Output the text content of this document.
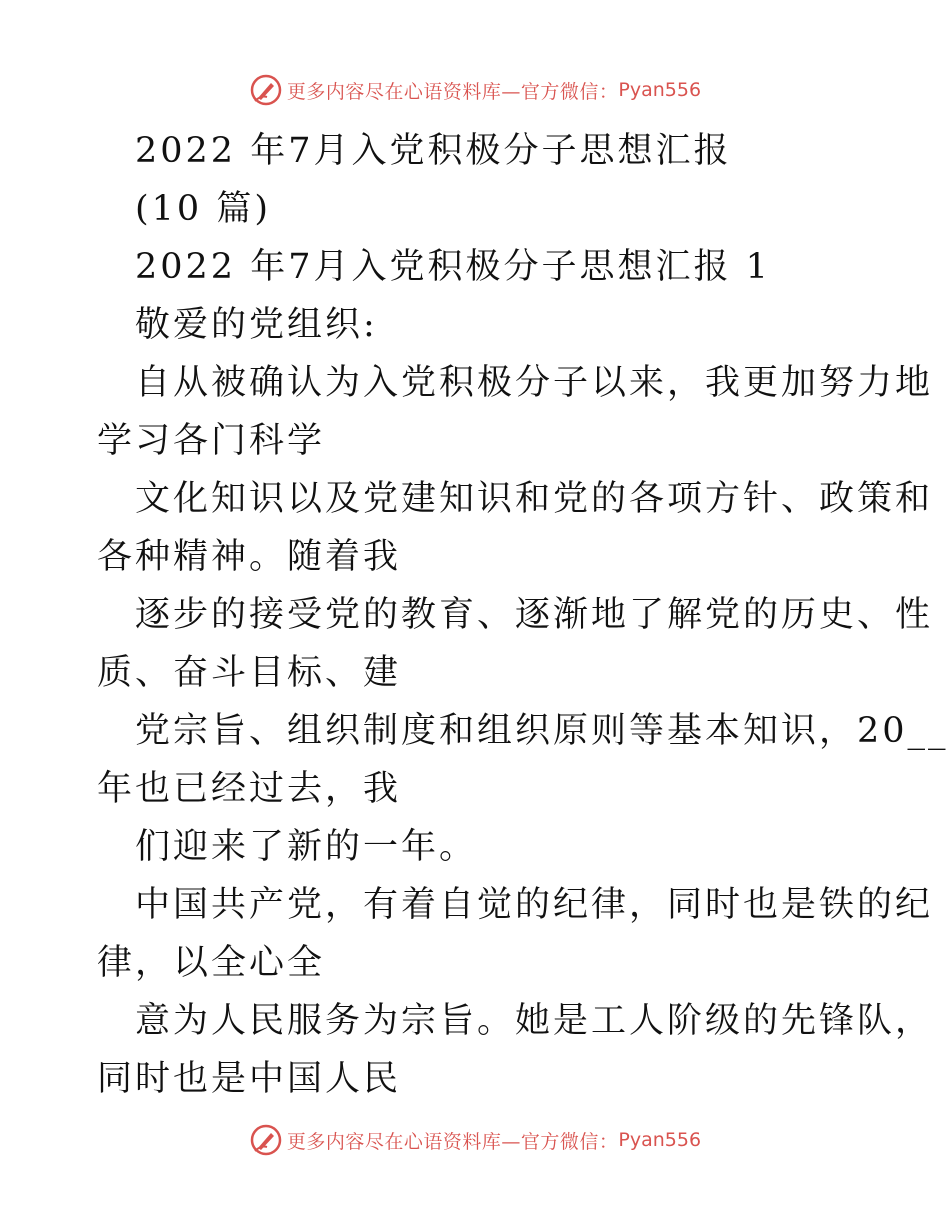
更多内容尽在心语资料库—官方微信： Pyan556
2022 年7月入党积极分子思想汇报
(10 篇)
2022 年7月入党积极分子思想汇报 1
敬爱的党组织:
自从被确认为入党积极分子以来，我更加努力地
学习各门科学
文化知识以及党建知识和党的各项方针、政策和
各种精神。随着我
逐步的接受党的教育、逐渐地了解党的历史、性
质、奋斗目标、建
党宗旨、组织制度和组织原则等基本知识，20__
年也已经过去，我
们迎来了新的一年。
中国共产党，有着自觉的纪律，同时也是铁的纪
律，以全心全
意为人民服务为宗旨。她是工人阶级的先锋队，
同时也是中国人民
更多内容尽在心语资料库—官方微信： Pyan556
